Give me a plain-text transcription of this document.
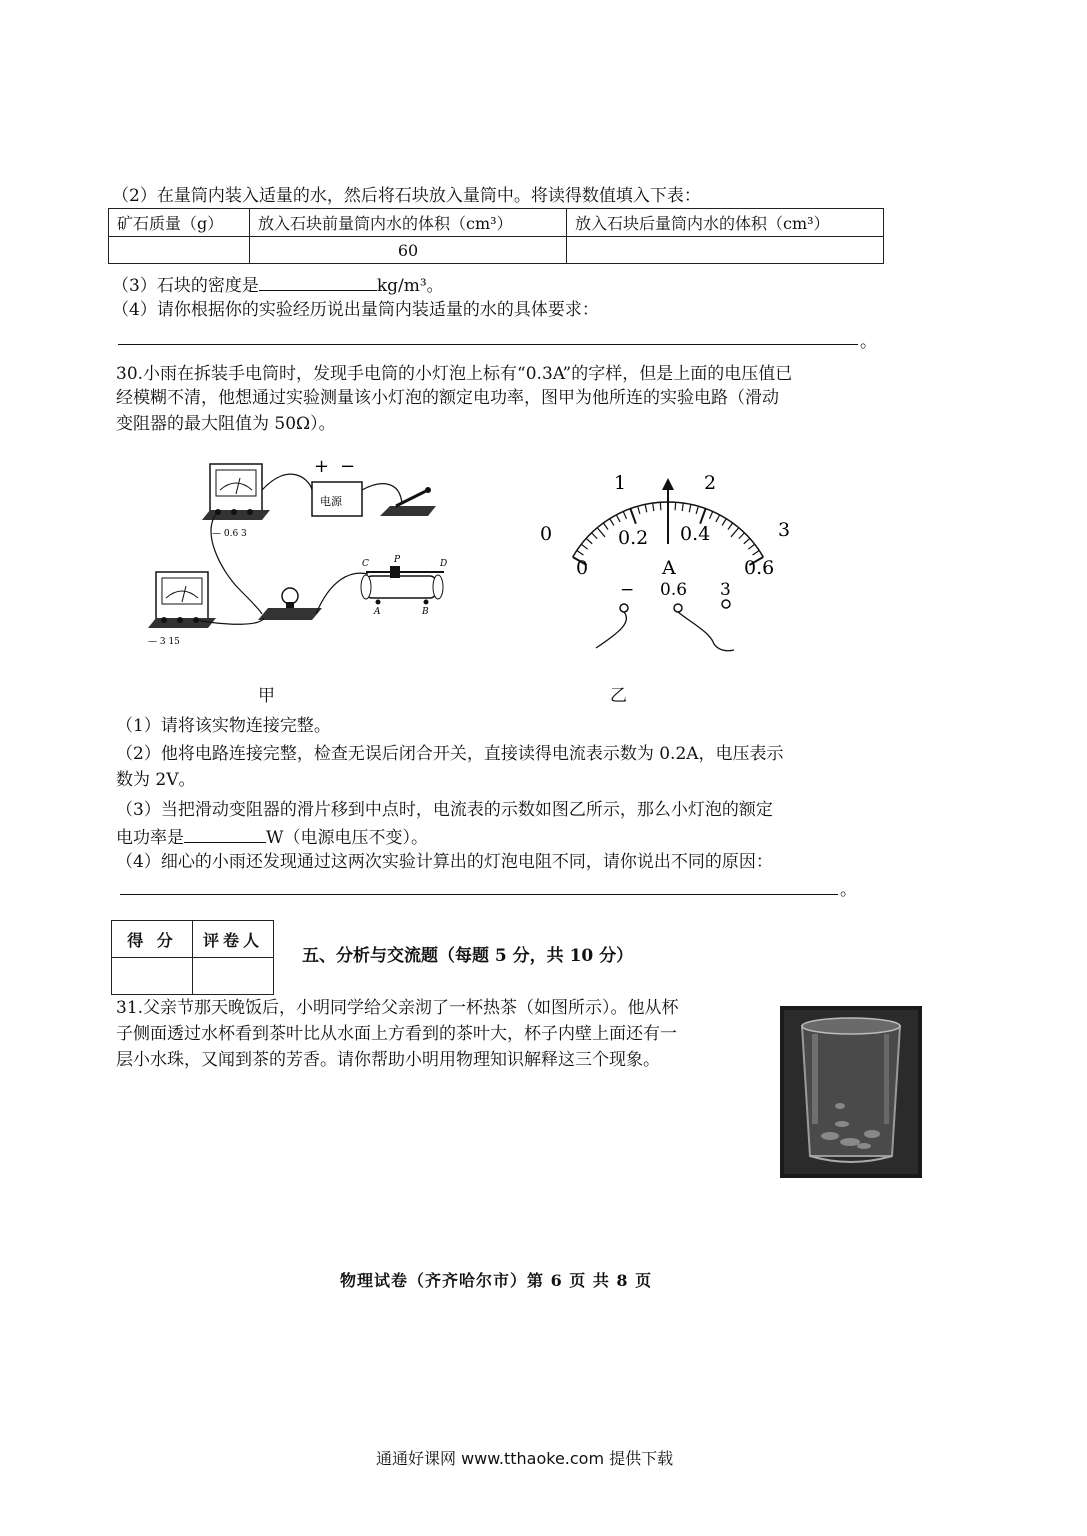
（2）在量筒内装入适量的水，然后将石块放入量筒中。将读得数值填入下表：
矿石质量（g）	放入石块前量筒内水的体积（cm³）	放入石块后量筒内水的体积（cm³）
	60	
（3）石块的密度是	kg/m³。
（4）请你根据你的实验经历说出量筒内装适量的水的具体要求：
。
30.小雨在拆装手电筒时，发现手电筒的小灯泡上标有“0.3A”的字样，但是上面的电压值已
经模糊不清，他想通过实验测量该小灯泡的额定电功率，图甲为他所连的实验电路（滑动
变阻器的最大阻值为 50Ω）。
— 0.6 3
电源
+ −
— 3 15
C	P	D
A	B
甲
1	2
0	3
0
0.2 0.4
0.6
A
− 0.6 3
乙
（1）请将该实物连接完整。
（2）他将电路连接完整，检查无误后闭合开关，直接读得电流表示数为 0.2A，电压表示
数为 2V。
（3）当把滑动变阻器的滑片移到中点时，电流表的示数如图乙所示，那么小灯泡的额定
电功率是	W（电源电压不变）。
（4）细心的小雨还发现通过这两次实验计算出的灯泡电阻不同，请你说出不同的原因：
。
得 分	评卷人

五、分析与交流题（每题 5 分，共 10 分）
31.父亲节那天晚饭后，小明同学给父亲沏了一杯热茶（如图所示）。他从杯
子侧面透过水杯看到茶叶比从水面上方看到的茶叶大，杯子内壁上面还有一
层小水珠，又闻到茶的芳香。请你帮助小明用物理知识解释这三个现象。
物理试卷（齐齐哈尔市）第 6 页 共 8 页
通通好课网 www.tthaoke.com 提供下载
